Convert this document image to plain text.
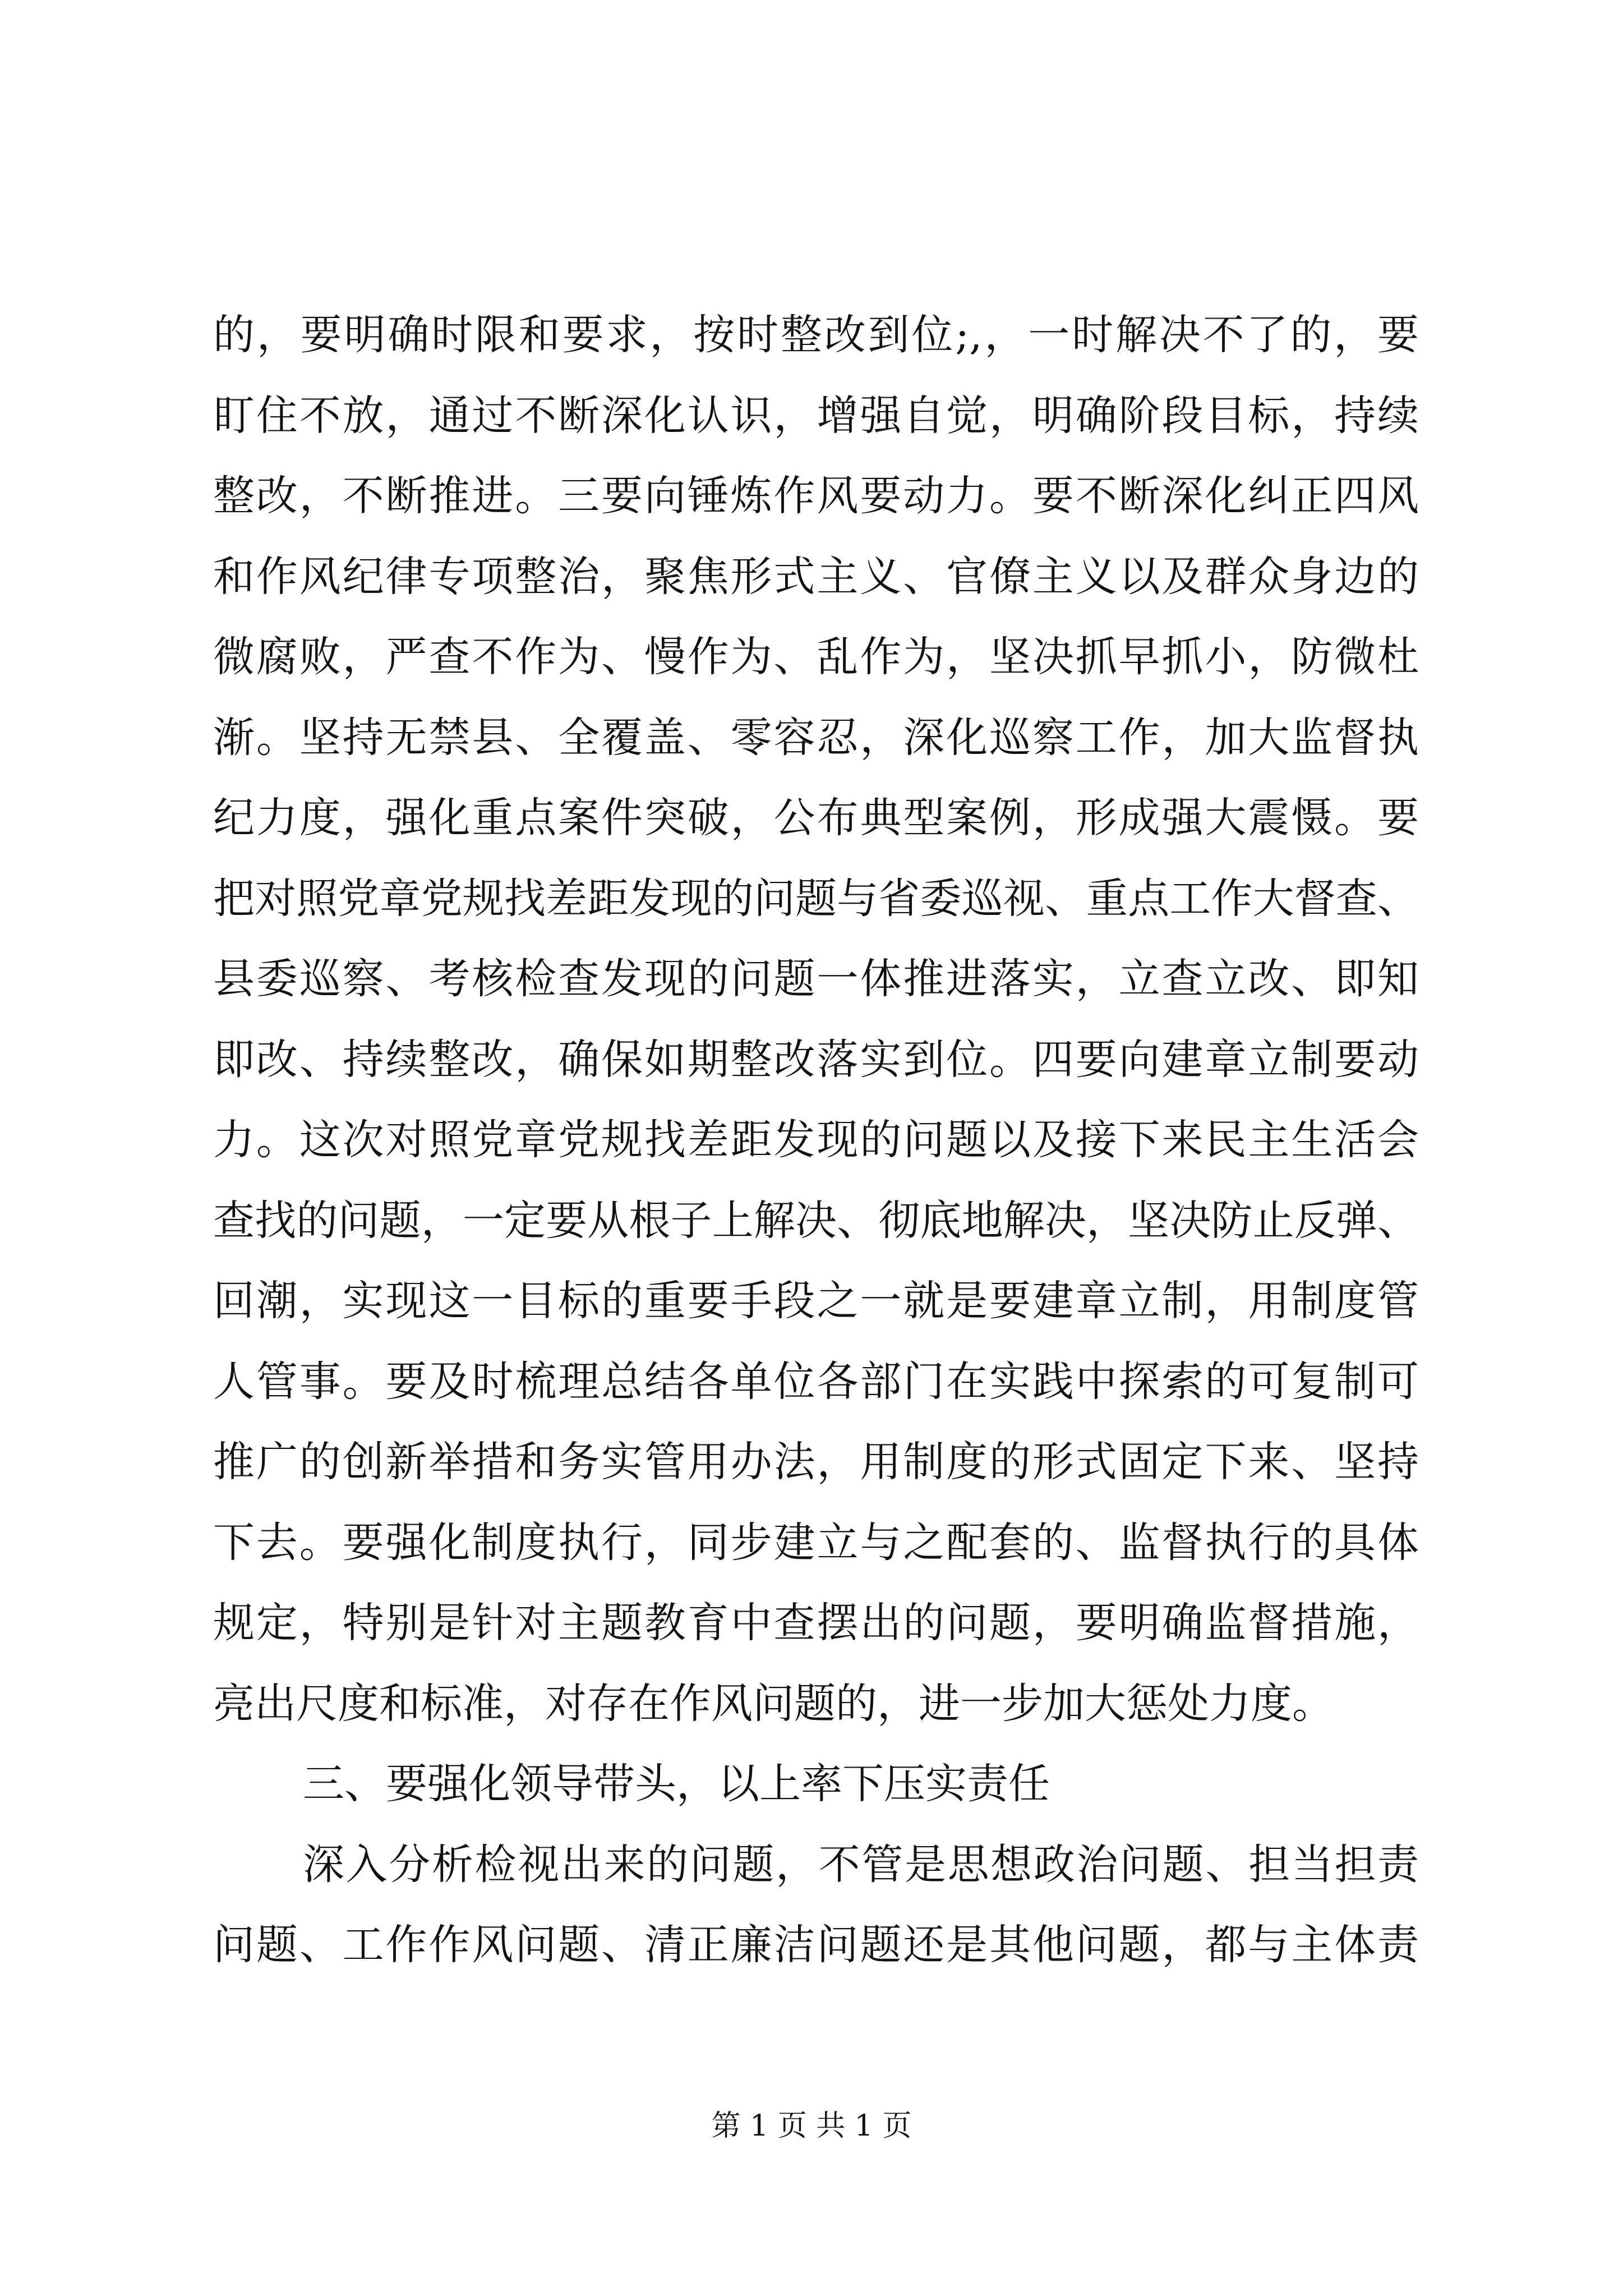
的，要明确时限和要求，按时整改到位;,，一时解决不了的，要
盯住不放，通过不断深化认识，增强自觉，明确阶段目标，持续
整改，不断推进。三要向锤炼作风要动力。要不断深化纠正四风
和作风纪律专项整治，聚焦形式主义、官僚主义以及群众身边的
微腐败，严查不作为、慢作为、乱作为，坚决抓早抓小，防微杜
渐。坚持无禁县、全覆盖、零容忍，深化巡察工作，加大监督执
纪力度，强化重点案件突破，公布典型案例，形成强大震慑。要
把对照党章党规找差距发现的问题与省委巡视、重点工作大督查、
县委巡察、考核检查发现的问题一体推进落实，立查立改、即知
即改、持续整改，确保如期整改落实到位。四要向建章立制要动
力。这次对照党章党规找差距发现的问题以及接下来民主生活会
查找的问题，一定要从根子上解决、彻底地解决，坚决防止反弹、
回潮，实现这一目标的重要手段之一就是要建章立制，用制度管
人管事。要及时梳理总结各单位各部门在实践中探索的可复制可
推广的创新举措和务实管用办法，用制度的形式固定下来、坚持
下去。要强化制度执行，同步建立与之配套的、监督执行的具体
规定，特别是针对主题教育中查摆出的问题，要明确监督措施，
亮出尺度和标准，对存在作风问题的，进一步加大惩处力度。
三、要强化领导带头，以上率下压实责任
深入分析检视出来的问题，不管是思想政治问题、担当担责
问题、工作作风问题、清正廉洁问题还是其他问题，都与主体责
第 1 页 共 1 页
